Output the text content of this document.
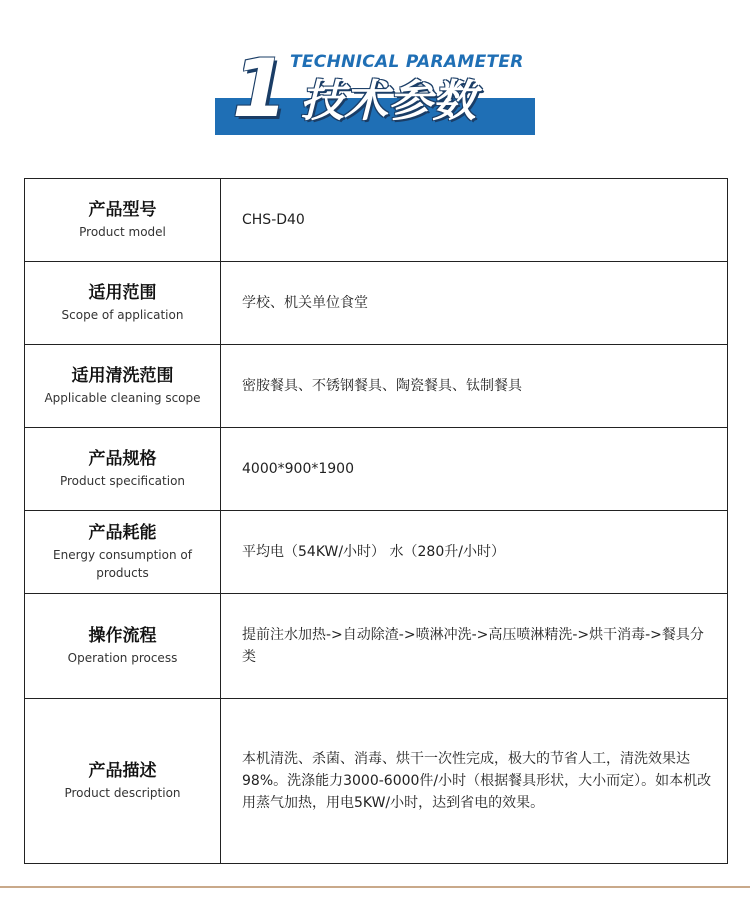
1 TECHNICAL PARAMETER
技术参数
产品型号
Product model
CHS-D40
适用范围
Scope of application
学校、机关单位食堂
适用清洗范围
Applicable cleaning scope
密胺餐具、不锈钢餐具、陶瓷餐具、钛制餐具
产品规格
Product specification
4000*900*1900
产品耗能
Energy consumption of products
平均电（54KW/小时） 水（280升/小时）
操作流程
Operation process
提前注水加热->自动除渣->喷淋冲洗->高压喷淋精洗->烘干消毒->餐具分类
产品描述
Product description
本机清洗、杀菌、消毒、烘干一次性完成，极大的节省人工，清洗效果达98%。洗涤能力3000-6000件/小时（根据餐具形状，大小而定）。如本机改用蒸气加热，用电5KW/小时，达到省电的效果。
